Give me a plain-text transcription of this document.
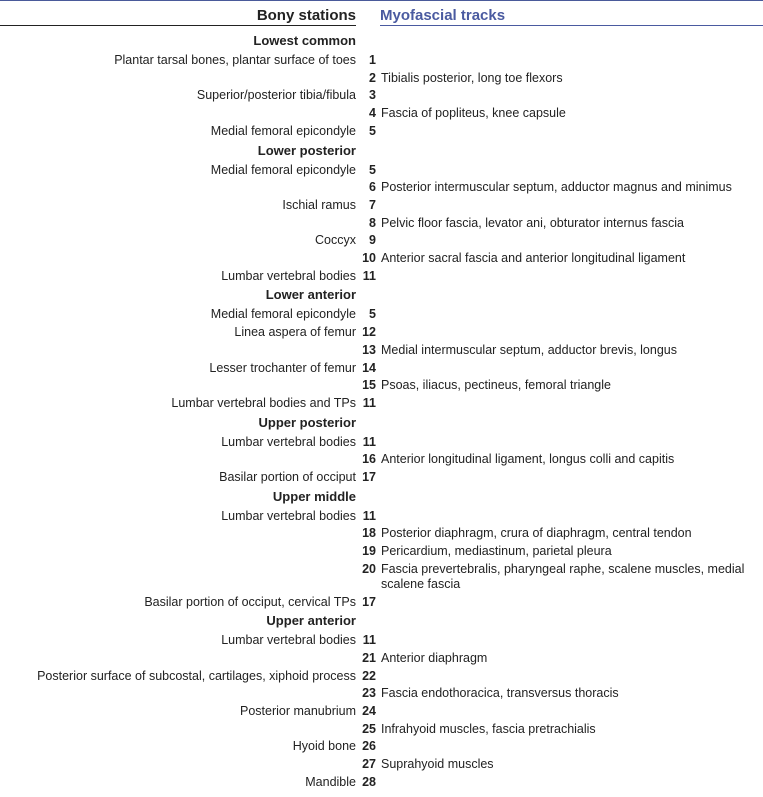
Bony stations Myofascial tracks
Lowest common
1
Plantar tarsal bones, plantar surface of toes
2 Tibialis posterior, long toe flexors
3
Superior/posterior tibia/fibula
4 Fascia of popliteus, knee capsule
5
Medial femoral epicondyle
Lower posterior
5
Medial femoral epicondyle
6 Posterior intermuscular septum, adductor magnus and minimus
7
Ischial ramus
8 Pelvic floor fascia, levator ani, obturator internus fascia
9
Coccyx
10 Anterior sacral fascia and anterior longitudinal ligament
11
Lumbar vertebral bodies
Lower anterior
5
Medial femoral epicondyle
12
Linea aspera of femur
13 Medial intermuscular septum, adductor brevis, longus
14
Lesser trochanter of femur
15 Psoas, iliacus, pectineus, femoral triangle
11
Lumbar vertebral bodies and TPs
Upper posterior
11
Lumbar vertebral bodies
16 Anterior longitudinal ligament, longus colli and capitis
17
Basilar portion of occiput
Upper middle
11
Lumbar vertebral bodies
18 Posterior diaphragm, crura of diaphragm, central tendon
19 Pericardium, mediastinum, parietal pleura
20 Fascia prevertebralis, pharyngeal raphe, scalene muscles, medial scalene fascia
17
Basilar portion of occiput, cervical TPs
Upper anterior
11
Lumbar vertebral bodies
21 Anterior diaphragm
22
Posterior surface of subcostal, cartilages, xiphoid process
23 Fascia endothoracica, transversus thoracis
24
Posterior manubrium
25 Infrahyoid muscles, fascia pretrachialis
26
Hyoid bone
27 Suprahyoid muscles
28
Mandible
